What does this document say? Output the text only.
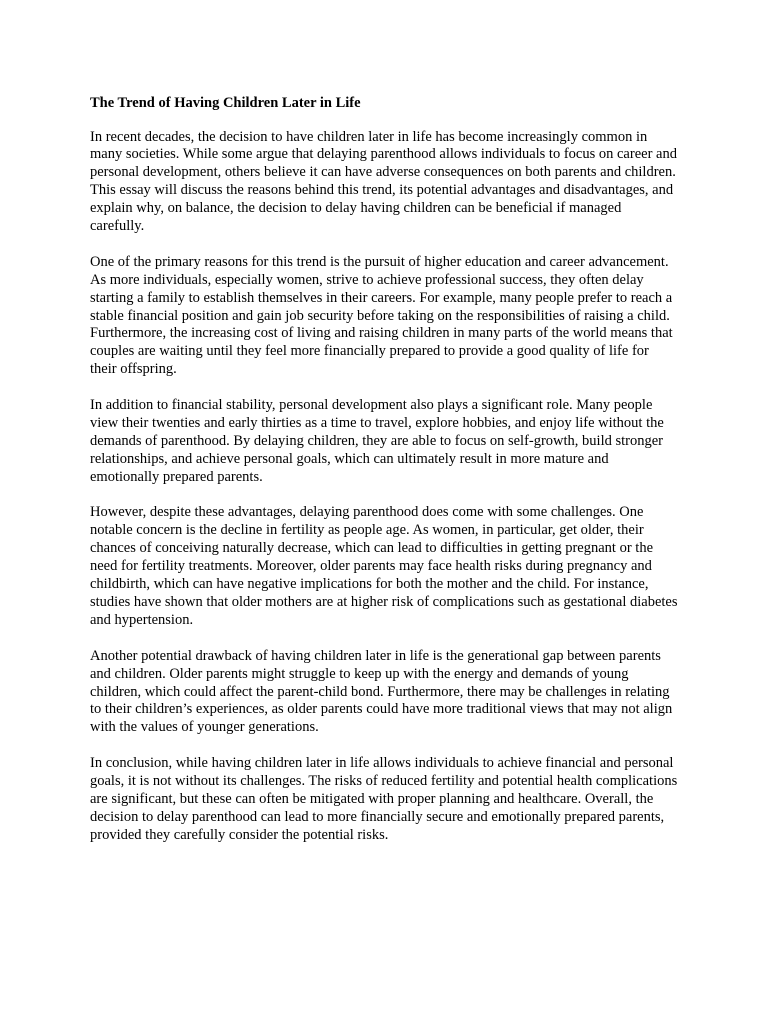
The Trend of Having Children Later in Life

In recent decades, the decision to have children later in life has become increasingly common in many societies. While some argue that delaying parenthood allows individuals to focus on career and personal development, others believe it can have adverse consequences on both parents and children. This essay will discuss the reasons behind this trend, its potential advantages and disadvantages, and explain why, on balance, the decision to delay having children can be beneficial if managed carefully.

One of the primary reasons for this trend is the pursuit of higher education and career advancement. As more individuals, especially women, strive to achieve professional success, they often delay starting a family to establish themselves in their careers. For example, many people prefer to reach a stable financial position and gain job security before taking on the responsibilities of raising a child. Furthermore, the increasing cost of living and raising children in many parts of the world means that couples are waiting until they feel more financially prepared to provide a good quality of life for their offspring.

In addition to financial stability, personal development also plays a significant role. Many people view their twenties and early thirties as a time to travel, explore hobbies, and enjoy life without the demands of parenthood. By delaying children, they are able to focus on self-growth, build stronger relationships, and achieve personal goals, which can ultimately result in more mature and emotionally prepared parents.

However, despite these advantages, delaying parenthood does come with some challenges. One notable concern is the decline in fertility as people age. As women, in particular, get older, their chances of conceiving naturally decrease, which can lead to difficulties in getting pregnant or the need for fertility treatments. Moreover, older parents may face health risks during pregnancy and childbirth, which can have negative implications for both the mother and the child. For instance, studies have shown that older mothers are at higher risk of complications such as gestational diabetes and hypertension.

Another potential drawback of having children later in life is the generational gap between parents and children. Older parents might struggle to keep up with the energy and demands of young children, which could affect the parent-child bond. Furthermore, there may be challenges in relating to their children’s experiences, as older parents could have more traditional views that may not align with the values of younger generations.

In conclusion, while having children later in life allows individuals to achieve financial and personal goals, it is not without its challenges. The risks of reduced fertility and potential health complications are significant, but these can often be mitigated with proper planning and healthcare. Overall, the decision to delay parenthood can lead to more financially secure and emotionally prepared parents, provided they carefully consider the potential risks.
